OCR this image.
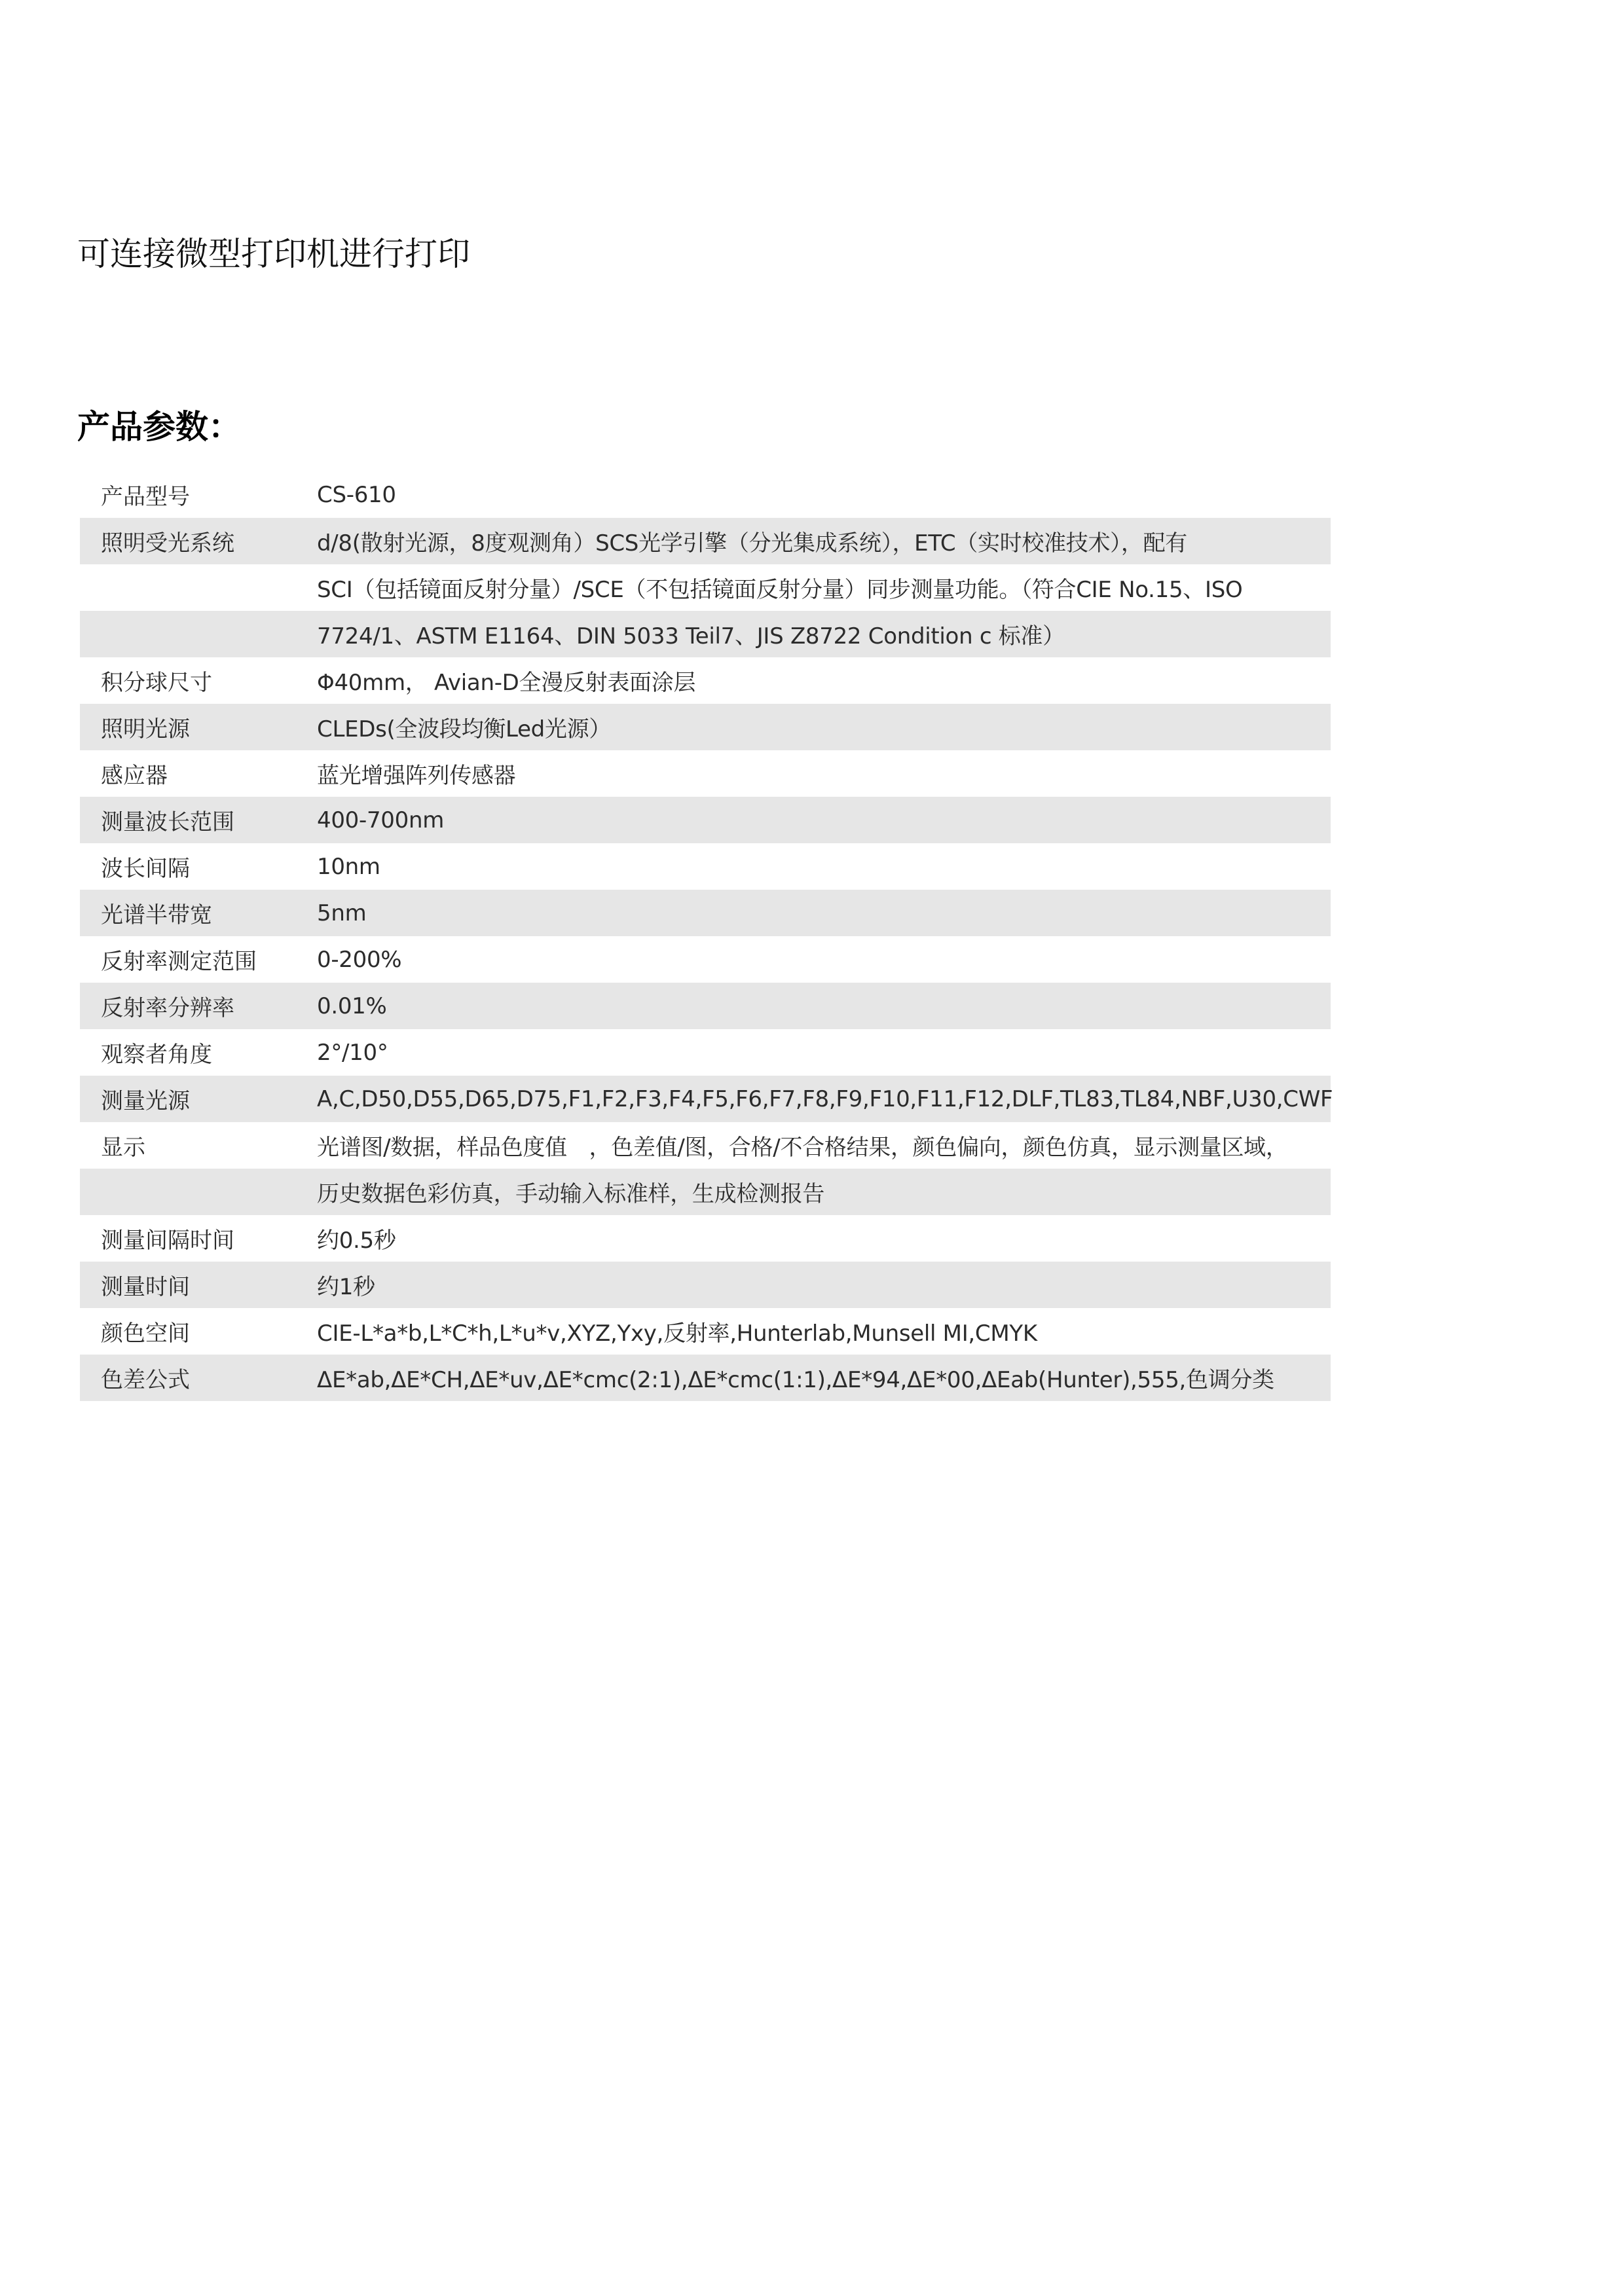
可连接微型打印机进行打印
产品参数：
产品型号	CS-610
照明受光系统	d/8(散射光源，8度观测角）SCS光学引擎（分光集成系统），ETC（实时校准技术），配有
SCI（包括镜面反射分量）/SCE（不包括镜面反射分量）同步测量功能。（符合CIE No.15、ISO
7724/1、ASTM E1164、DIN 5033 Teil7、JIS Z8722 Condition c 标准）
积分球尺寸	Φ40mm， Avian-D全漫反射表面涂层
照明光源	CLEDs(全波段均衡Led光源）
感应器	蓝光增强阵列传感器
测量波长范围	400-700nm
波长间隔	10nm
光谱半带宽	5nm
反射率测定范围	0-200%
反射率分辨率	0.01%
观察者角度	2°/10°
测量光源	A,C,D50,D55,D65,D75,F1,F2,F3,F4,F5,F6,F7,F8,F9,F10,F11,F12,DLF,TL83,TL84,NBF,U30,CWF
显示	光谱图/数据，样品色度值　，色差值/图，合格/不合格结果，颜色偏向，颜色仿真，显示测量区域，
历史数据色彩仿真，手动输入标准样，生成检测报告
测量间隔时间	约0.5秒
测量时间	约1秒
颜色空间	CIE-L*a*b,L*C*h,L*u*v,XYZ,Yxy,反射率,Hunterlab,Munsell MI,CMYK
色差公式	ΔE*ab,ΔE*CH,ΔE*uv,ΔE*cmc(2:1),ΔE*cmc(1:1),ΔE*94,ΔE*00,ΔEab(Hunter),555,色调分类
